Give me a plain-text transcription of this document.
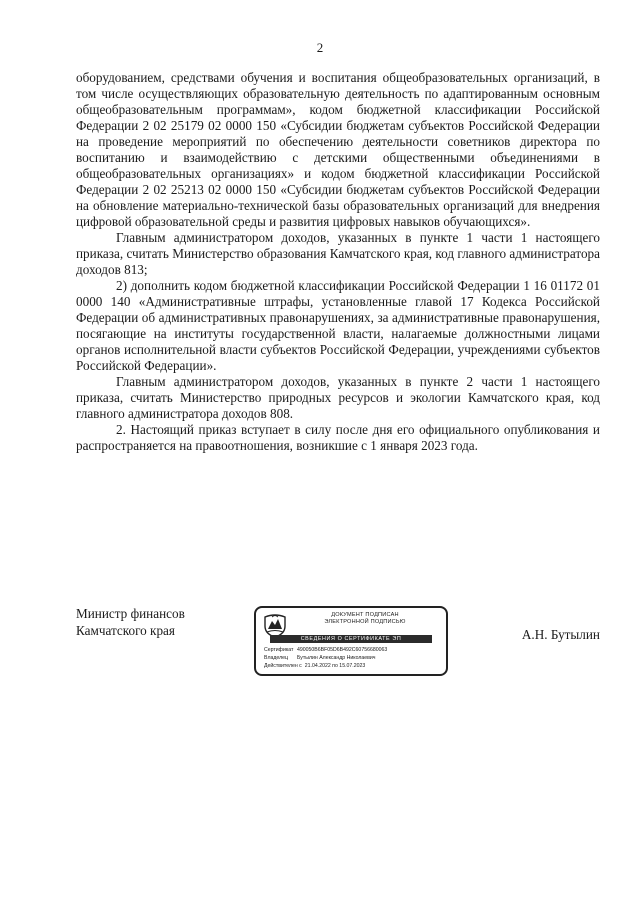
2

оборудованием, средствами обучения и воспитания общеобразовательных организаций, в том числе осуществляющих образовательную деятельность по адаптированным основным общеобразовательным программам», кодом бюджетной классификации Российской Федерации 2 02 25179 02 0000 150 «Субсидии бюджетам субъектов Российской Федерации на проведение мероприятий по обеспечению деятельности советников директора по воспитанию и взаимодействию с детскими общественными объединениями в общеобразовательных организациях» и кодом бюджетной классификации Российской Федерации 2 02 25213 02 0000 150 «Субсидии бюджетам субъектов Российской Федерации на обновление материально-технической базы образовательных организаций для внедрения цифровой образовательной среды и развития цифровых навыков обучающихся».

Главным администратором доходов, указанных в пункте 1 части 1 настоящего приказа, считать Министерство образования Камчатского края, код главного администратора доходов 813;

2) дополнить кодом бюджетной классификации Российской Федерации 1 16 01172 01 0000 140 «Административные штрафы, установленные главой 17 Кодекса Российской Федерации об административных правонарушениях, за административные правонарушения, посягающие на институты государственной власти, налагаемые должностными лицами органов исполнительной власти субъектов Российской Федерации, учреждениями субъектов Российской Федерации».

Главным администратором доходов, указанных в пункте 2 части 1 настоящего приказа, считать Министерство природных ресурсов и экологии Камчатского края, код главного администратора доходов 808.

2. Настоящий приказ вступает в силу после дня его официального опубликования и распространяется на правоотношения, возникшие с 1 января 2023 года.

Министр финансов
Камчатского края
ДОКУМЕНТ ПОДПИСАН
ЭЛЕКТРОННОЙ ПОДПИСЬЮ
СВЕДЕНИЯ О СЕРТИФИКАТЕ ЭП
Сертификат 490050B6BF05D6B492C60756680063
Владелец	Бутылин Александр Николаевич
Действителен с 21.04.2022 по 15.07.2023
А.Н. Бутылин
